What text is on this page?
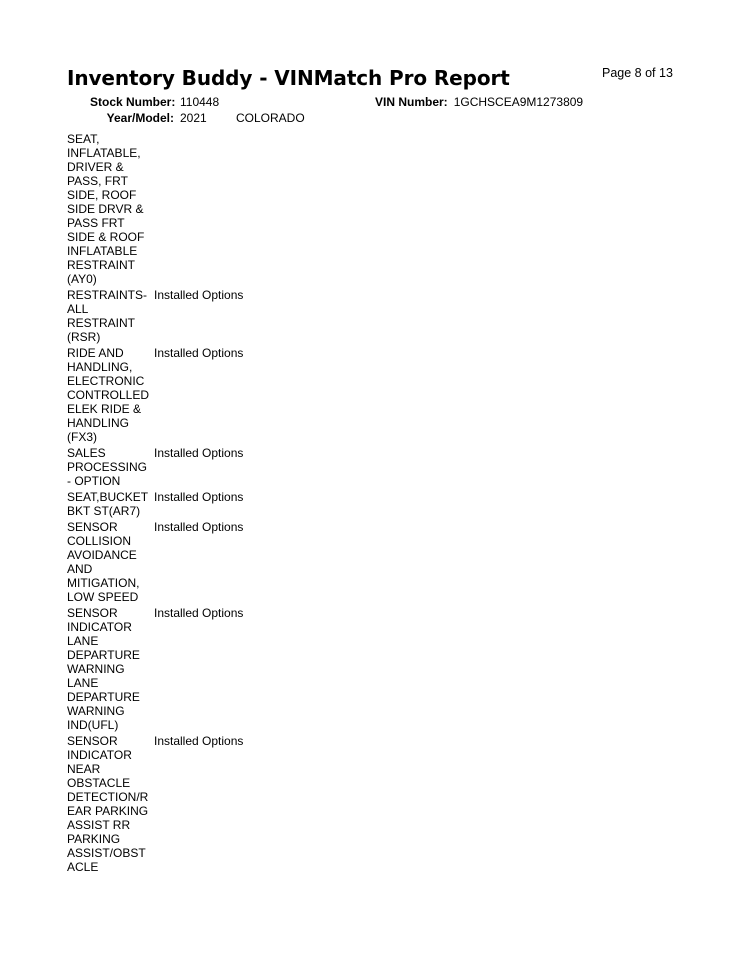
Inventory Buddy - VINMatch Pro Report	Page 8 of 13
Stock Number: 110448
Year/Model: 2021 COLORADO
VIN Number: 1GCHSCEA9M1273809
SEAT,
INFLATABLE,
DRIVER &
PASS, FRT
SIDE, ROOF
SIDE DRVR &
PASS FRT
SIDE & ROOF
INFLATABLE
RESTRAINT
(AY0)
RESTRAINTS-
ALL
RESTRAINT
(RSR)
Installed Options
RIDE AND
HANDLING,
ELECTRONIC
CONTROLLED
ELEK RIDE &
HANDLING
(FX3)
Installed Options
SALES
PROCESSING
- OPTION
Installed Options
SEAT,BUCKET
BKT ST(AR7)
Installed Options
SENSOR
COLLISION
AVOIDANCE
AND
MITIGATION,
LOW SPEED
Installed Options
SENSOR
INDICATOR
LANE
DEPARTURE
WARNING
LANE
DEPARTURE
WARNING
IND(UFL)
Installed Options
SENSOR
INDICATOR
NEAR
OBSTACLE
DETECTION/R
EAR PARKING
ASSIST RR
PARKING
ASSIST/OBST
ACLE
Installed Options
